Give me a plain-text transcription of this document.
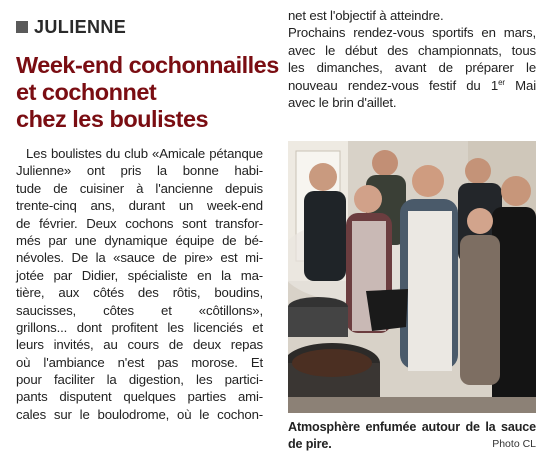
JULIENNE
Week-end cochonnailles
et cochonnet
chez les boulistes
Les boulistes du club «Amicale pétanque
Julienne» ont pris la bonne habi-
tude de cuisiner à l'ancienne depuis
trente-cinq ans, durant un week-end
de février. Deux cochons sont transfor-
més par une dynamique équipe de bé-
névoles. De la «sauce de pire» est mi-
jotée par Didier, spécialiste en la ma-
tière, aux côtés des rôtis, boudins,
saucisses, côtes et «côtillons»,
grillons... dont profitent les licenciés et
leurs invités, au cours de deux repas
où l'ambiance n'est pas morose. Et
pour faciliter la digestion, les partici-
pants disputent quelques parties ami-
cales sur le boulodrome, où le cochon-
net est l'objectif à atteindre.
Prochains rendez-vous sportifs en mars,
avec le début des championnats, tous
les dimanches, avant de préparer le
nouveau rendez-vous festif du 1er Mai
avec le brin d'aillet.
Atmosphère enfumée autour de la sauce
de pire.	Photo CL
